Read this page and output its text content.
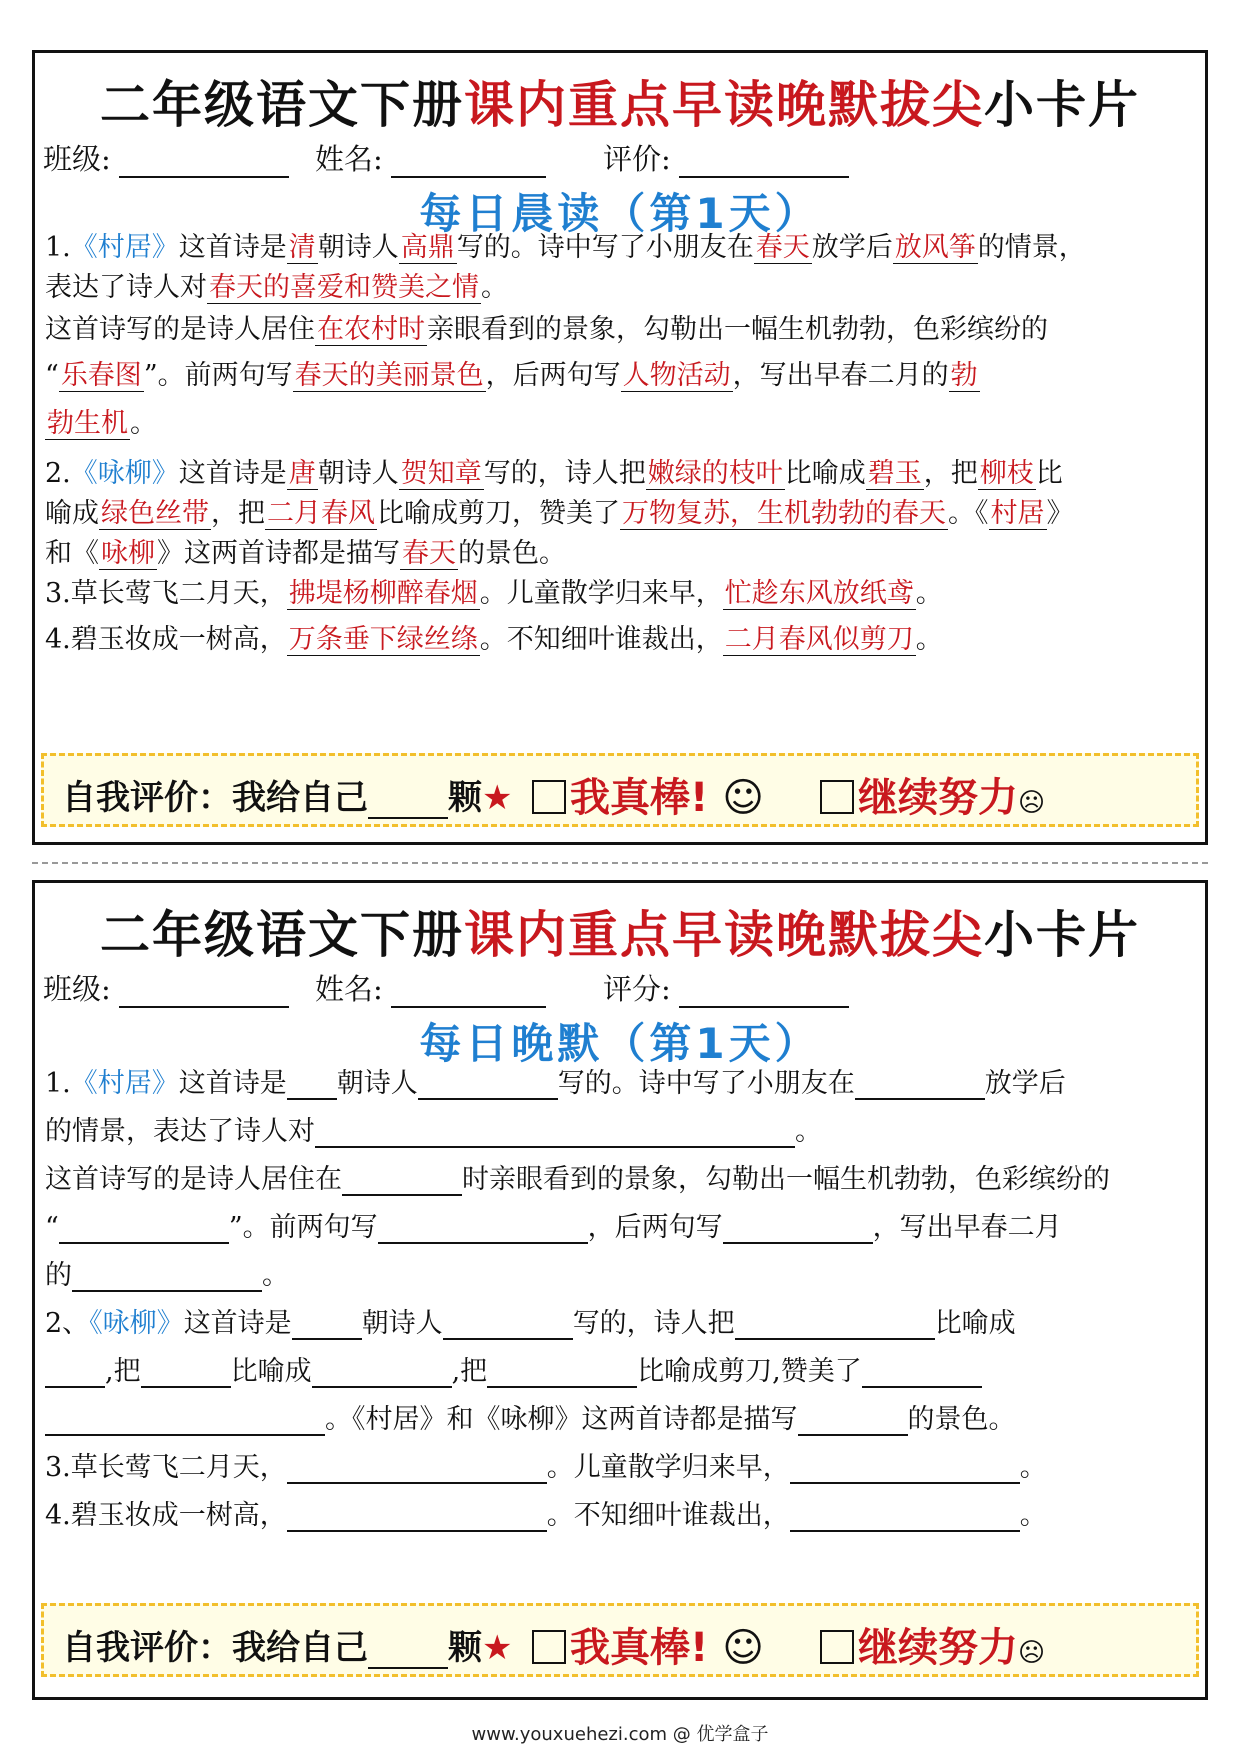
二年级语文下册课内重点早读晚默拔尖小卡片
班级:	姓名:	评价:
每日晨读（第1天）
1.《村居》这首诗是清朝诗人高鼎写的。诗中写了小朋友在春天放学后放风筝的情景，
表达了诗人对春天的喜爱和赞美之情。
这首诗写的是诗人居住在农村时亲眼看到的景象，勾勒出一幅生机勃勃，色彩缤纷的
“乐春图”。前两句写春天的美丽景色，后两句写人物活动，写出早春二月的勃
勃生机。
2.《咏柳》这首诗是唐朝诗人贺知章写的，诗人把嫩绿的枝叶比喻成碧玉，把柳枝比
喻成绿色丝带，把二月春风比喻成剪刀，赞美了万物复苏，生机勃勃的春天。《村居》
和《咏柳》这两首诗都是描写春天的景色。
3.草长莺飞二月天，拂堤杨柳醉春烟。儿童散学归来早，忙趁东风放纸鸢。
4.碧玉妆成一树高，万条垂下绿丝绦。不知细叶谁裁出，二月春风似剪刀。
自我评价：我给自己 颗★	我真棒! ☺	继续努力☹
二年级语文下册课内重点早读晚默拔尖小卡片
班级:	姓名:	评分:
每日晚默（第1天）
1.《村居》这首诗是 朝诗人	写的。诗中写了小朋友在	放学后
的情景，表达了诗人对	。
这首诗写的是诗人居住在	时亲眼看到的景象，勾勒出一幅生机勃勃，色彩缤纷的
“	”。前两句写	，后两句写	，写出早春二月
的	。
2、《咏柳》这首诗是	朝诗人	写的，诗人把	比喻成
,把	比喻成	,把	比喻成剪刀,赞美了
。《村居》和《咏柳》这两首诗都是描写	的景色。
3.草长莺飞二月天，	。儿童散学归来早，	。
4.碧玉妆成一树高，	。不知细叶谁裁出，	。
自我评价：我给自己 颗★	我真棒! ☺	继续努力☹
www.youxuehezi.com @ 优学盒子
